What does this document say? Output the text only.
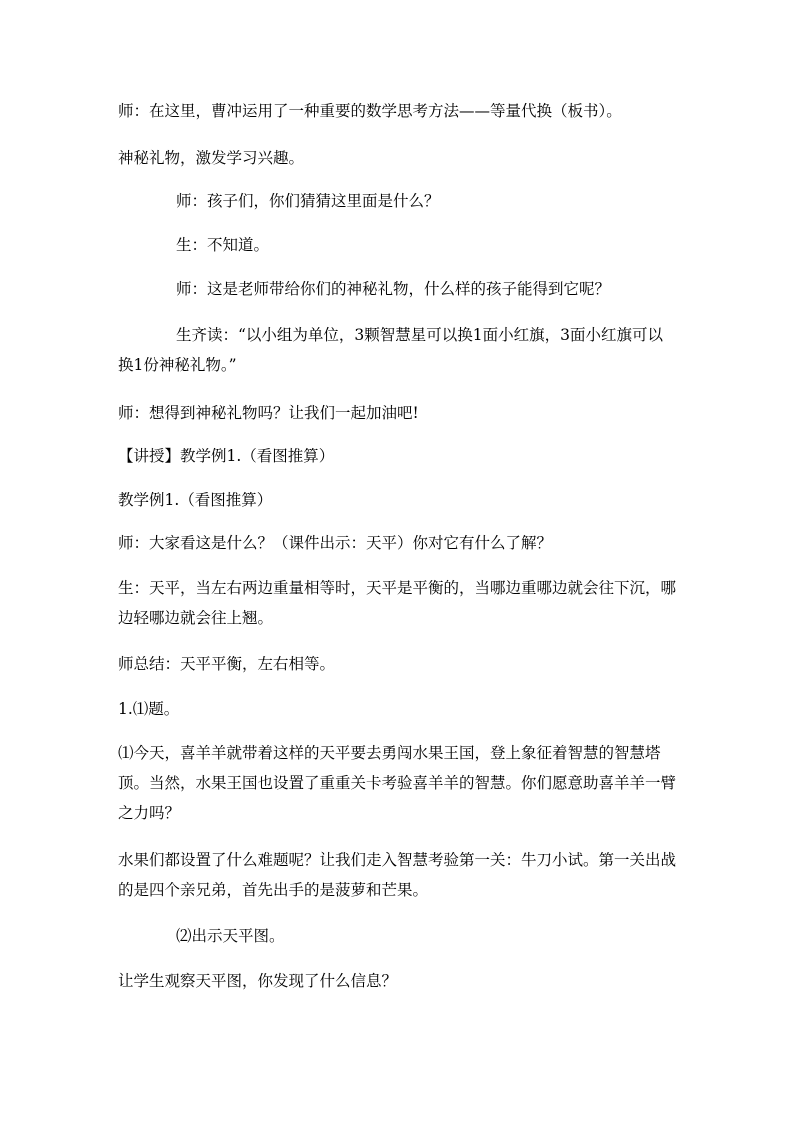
师：在这里，曹冲运用了一种重要的数学思考方法——等量代换（板书）。

神秘礼物，激发学习兴趣。

师：孩子们，你们猜猜这里面是什么？

生：不知道。

师：这是老师带给你们的神秘礼物，什么样的孩子能得到它呢？

生齐读：“以小组为单位，3颗智慧星可以换1面小红旗，3面小红旗可以换1份神秘礼物。”

师：想得到神秘礼物吗？让我们一起加油吧!

【讲授】教学例1.（看图推算）

教学例1.（看图推算）

师：大家看这是什么？（课件出示：天平）你对它有什么了解？

生：天平，当左右两边重量相等时，天平是平衡的，当哪边重哪边就会往下沉，哪边轻哪边就会往上翘。

师总结：天平平衡，左右相等。

1.⑴题。

⑴今天，喜羊羊就带着这样的天平要去勇闯水果王国，登上象征着智慧的智慧塔顶。当然，水果王国也设置了重重关卡考验喜羊羊的智慧。你们愿意助喜羊羊一臂之力吗？

水果们都设置了什么难题呢？让我们走入智慧考验第一关：牛刀小试。第一关出战的是四个亲兄弟，首先出手的是菠萝和芒果。

⑵出示天平图。

让学生观察天平图，你发现了什么信息？
